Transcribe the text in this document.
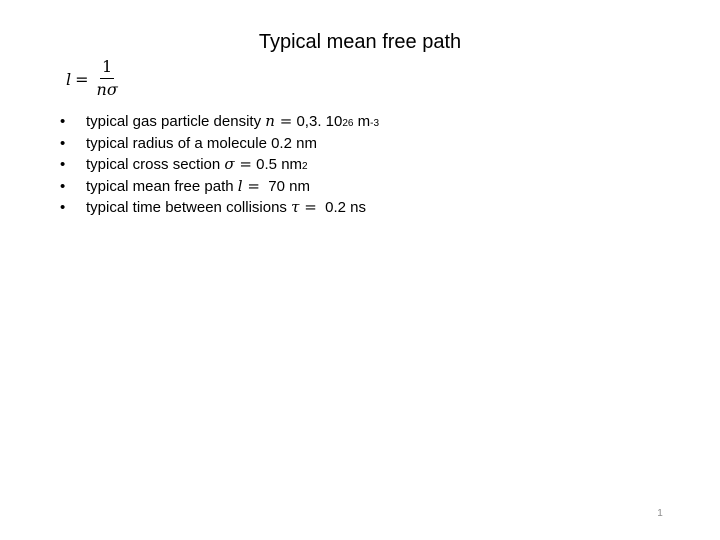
Typical mean free path
$l = \frac{1}{n\sigma}$
•	typical gas particle density
n =
0,3. 10 26
m -3
•	typical radius of a molecule 0.2 nm
•	typical cross section
σ =
0.5
nm 2
•	typical mean free path
l =
70
nm
•	typical time between collisions
τ =
0.2
ns
1
